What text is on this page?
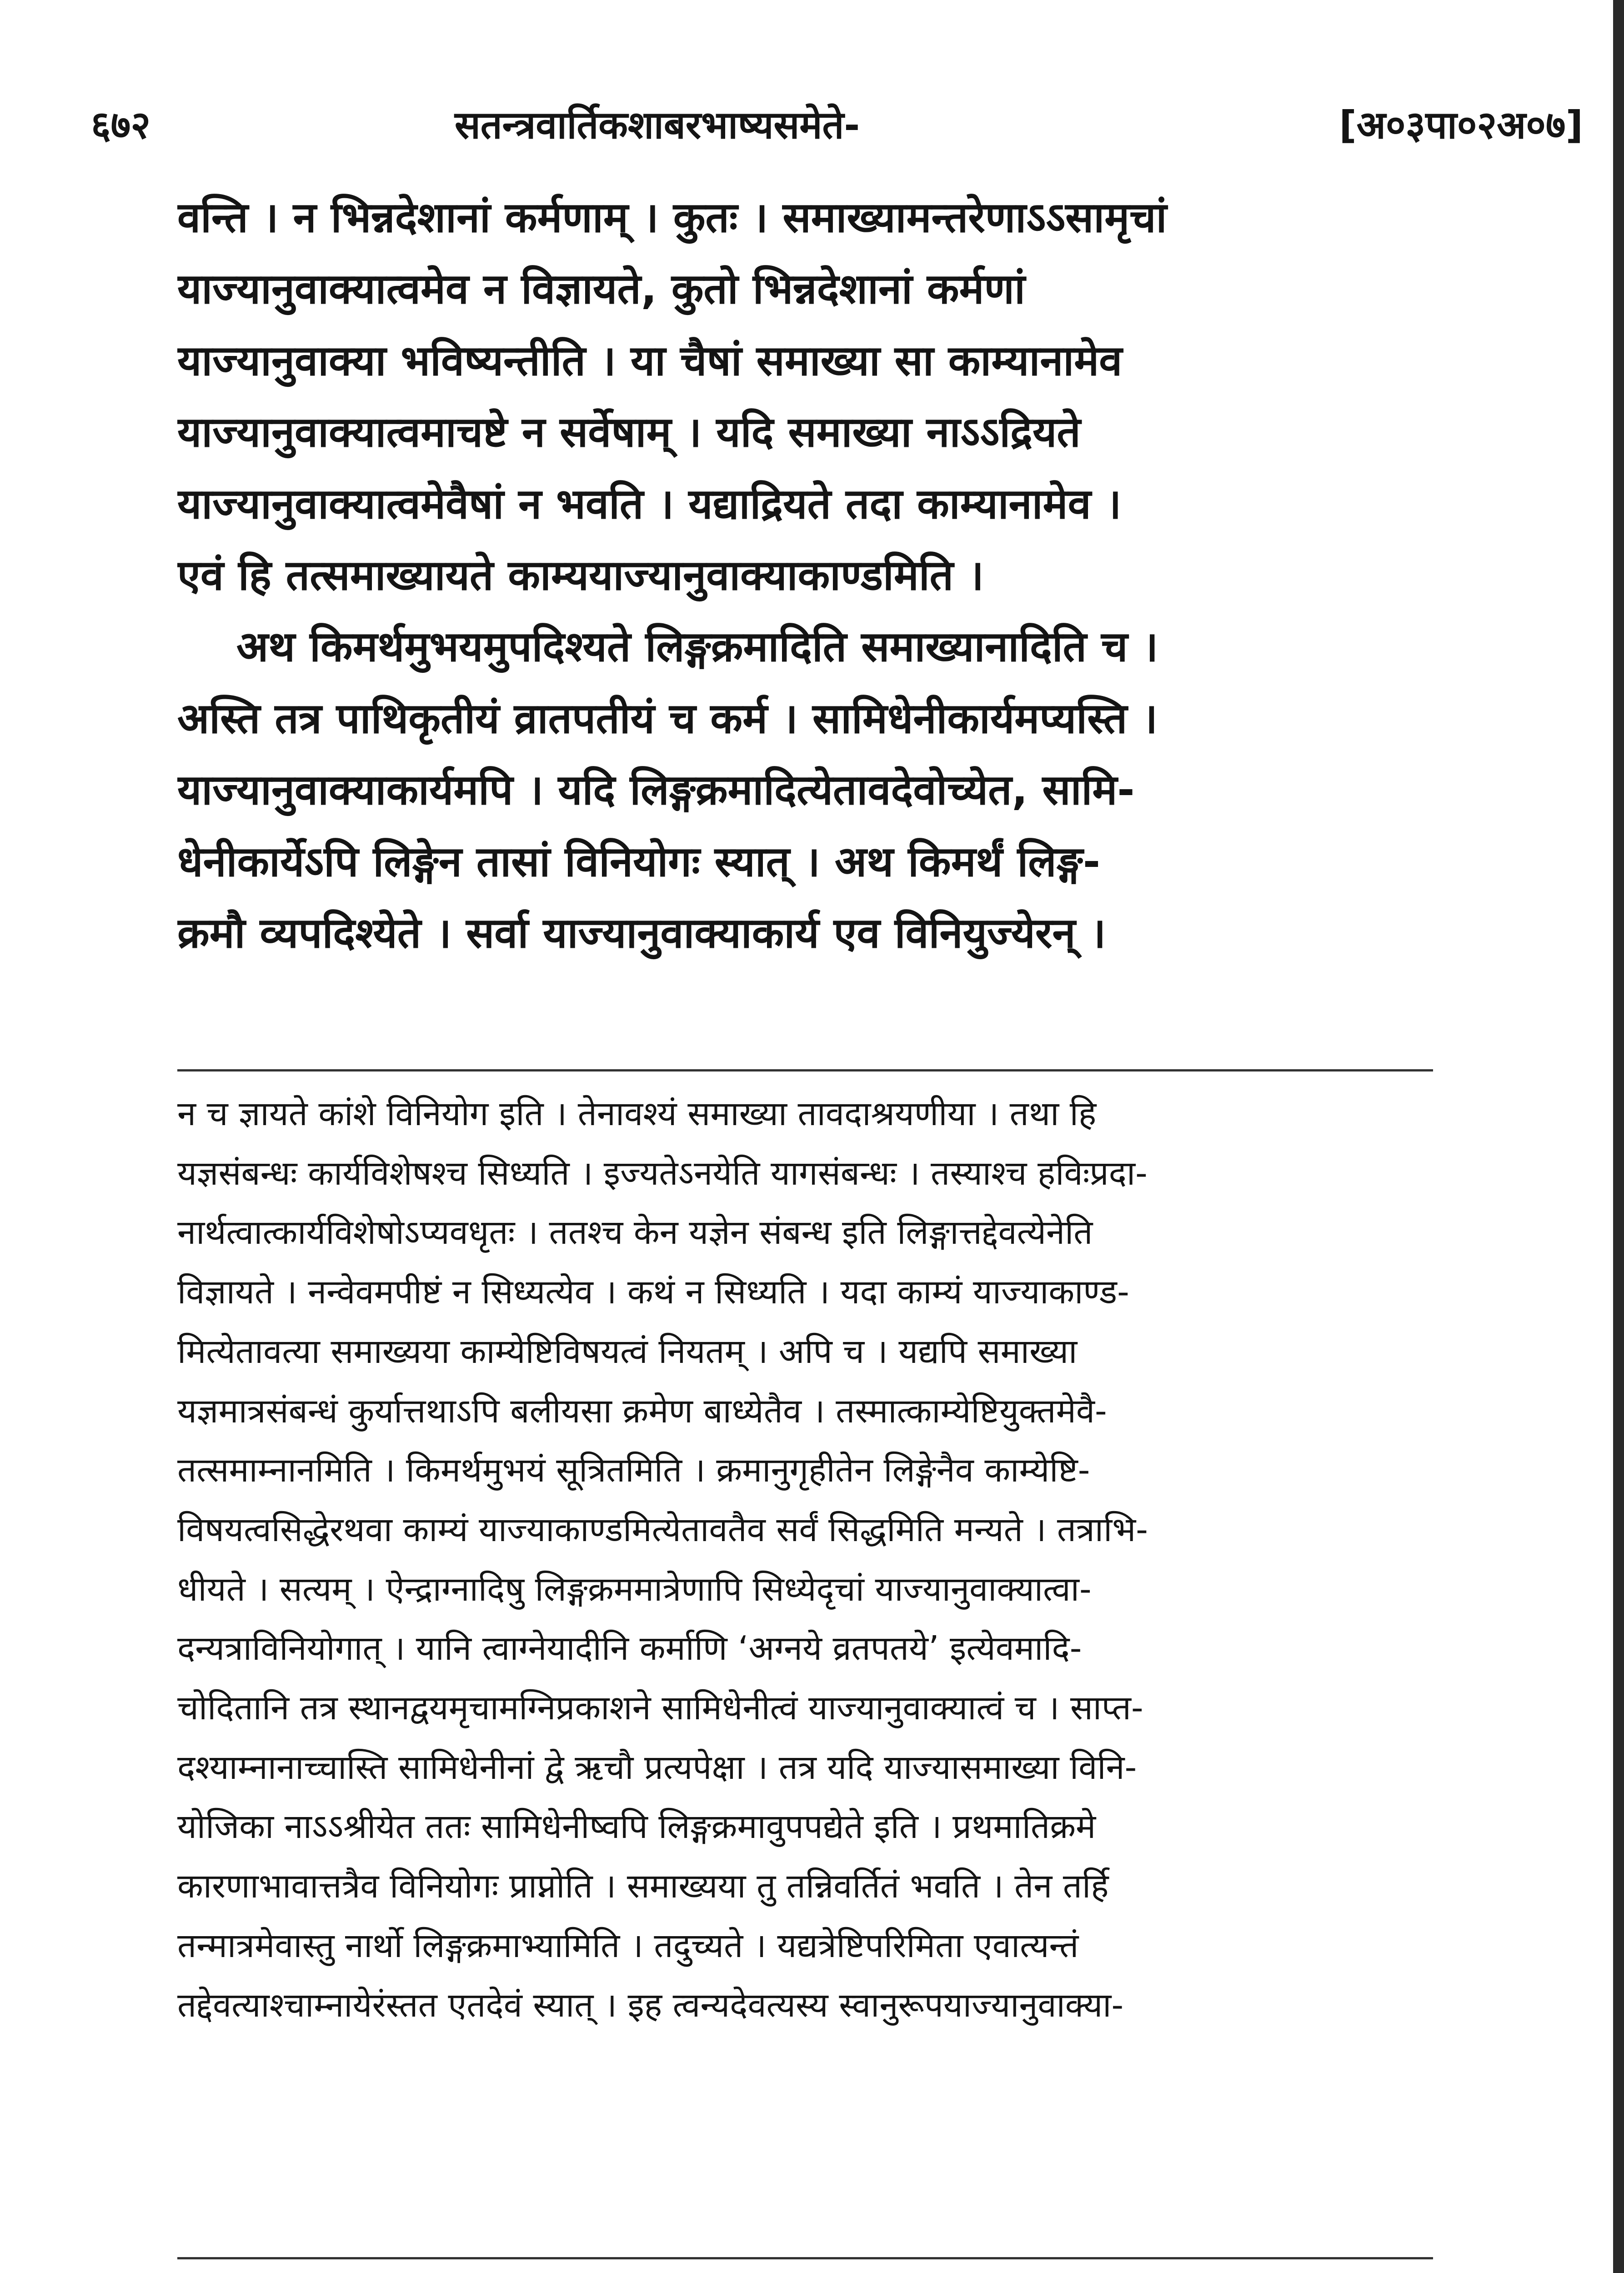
६७२	सतन्त्रवार्तिकशाबरभाष्यसमेते-	[अ०३पा०२अ०७]

वन्ति । न भिन्नदेशानां कर्मणाम् । कुतः । समाख्यामन्तरेणाऽऽसामृचां

याज्यानुवाक्यात्वमेव न विज्ञायते, कुतो भिन्नदेशानां कर्मणां

याज्यानुवाक्या भविष्यन्तीति । या चैषां समाख्या सा काम्यानामेव

याज्यानुवाक्यात्वमाचष्टे न सर्वेषाम् । यदि समाख्या नाऽऽद्रियते

याज्यानुवाक्यात्वमेवैषां न भवति । यद्याद्रियते तदा काम्यानामेव ।

एवं हि तत्समाख्यायते काम्ययाज्यानुवाक्याकाण्डमिति ।

अथ किमर्थमुभयमुपदिश्यते लिङ्गक्रमादिति समाख्यानादिति च ।

अस्ति तत्र पाथिकृतीयं व्रातपतीयं च कर्म । सामिधेनीकार्यमप्यस्ति ।

याज्यानुवाक्याकार्यमपि । यदि लिङ्गक्रमादित्येतावदेवोच्येत, सामि-

धेनीकार्येऽपि लिङ्गेन तासां विनियोगः स्यात् । अथ किमर्थं लिङ्ग-

क्रमौ व्यपदिश्येते । सर्वा याज्यानुवाक्याकार्य एव विनियुज्येरन् ।

न च ज्ञायते कांशे विनियोग इति । तेनावश्यं समाख्या तावदाश्रयणीया । तथा हि

यज्ञसंबन्धः कार्यविशेषश्च सिध्यति । इज्यतेऽनयेति यागसंबन्धः । तस्याश्च हविःप्रदा-

नार्थत्वात्कार्यविशेषोऽप्यवधृतः । ततश्च केन यज्ञेन संबन्ध इति लिङ्गात्तद्देवत्येनेति

विज्ञायते । नन्वेवमपीष्टं न सिध्यत्येव । कथं न सिध्यति । यदा काम्यं याज्याकाण्ड-

मित्येतावत्या समाख्यया काम्येष्टिविषयत्वं नियतम् । अपि च । यद्यपि समाख्या

यज्ञमात्रसंबन्धं कुर्यात्तथाऽपि बलीयसा क्रमेण बाध्येतैव । तस्मात्काम्येष्टियुक्तमेवै-

तत्समाम्नानमिति । किमर्थमुभयं सूत्रितमिति । क्रमानुगृहीतेन लिङ्गेनैव काम्येष्टि-

विषयत्वसिद्धेरथवा काम्यं याज्याकाण्डमित्येतावतैव सर्वं सिद्धमिति मन्यते । तत्राभि-

धीयते । सत्यम् । ऐन्द्राग्नादिषु लिङ्गक्रममात्रेणापि सिध्येदृचां याज्यानुवाक्यात्वा-

दन्यत्राविनियोगात् । यानि त्वाग्नेयादीनि कर्माणि ‘अग्नये व्रतपतये’ इत्येवमादि-

चोदितानि तत्र स्थानद्वयमृचामग्निप्रकाशने सामिधेनीत्वं याज्यानुवाक्यात्वं च । साप्त-

दश्याम्नानाच्चास्ति सामिधेनीनां द्वे ऋचौ प्रत्यपेक्षा । तत्र यदि याज्यासमाख्या विनि-

योजिका नाऽऽश्रीयेत ततः सामिधेनीष्वपि लिङ्गक्रमावुपपद्येते इति । प्रथमातिक्रमे

कारणाभावात्तत्रैव विनियोगः प्राप्नोति । समाख्यया तु तन्निवर्तितं भवति । तेन तर्हि

तन्मात्रमेवास्तु नार्थो लिङ्गक्रमाभ्यामिति । तदुच्यते । यद्यत्रेष्टिपरिमिता एवात्यन्तं

तद्देवत्याश्चाम्नायेरंस्तत एतदेवं स्यात् । इह त्वन्यदेवत्यस्य स्वानुरूपयाज्यानुवाक्या-
